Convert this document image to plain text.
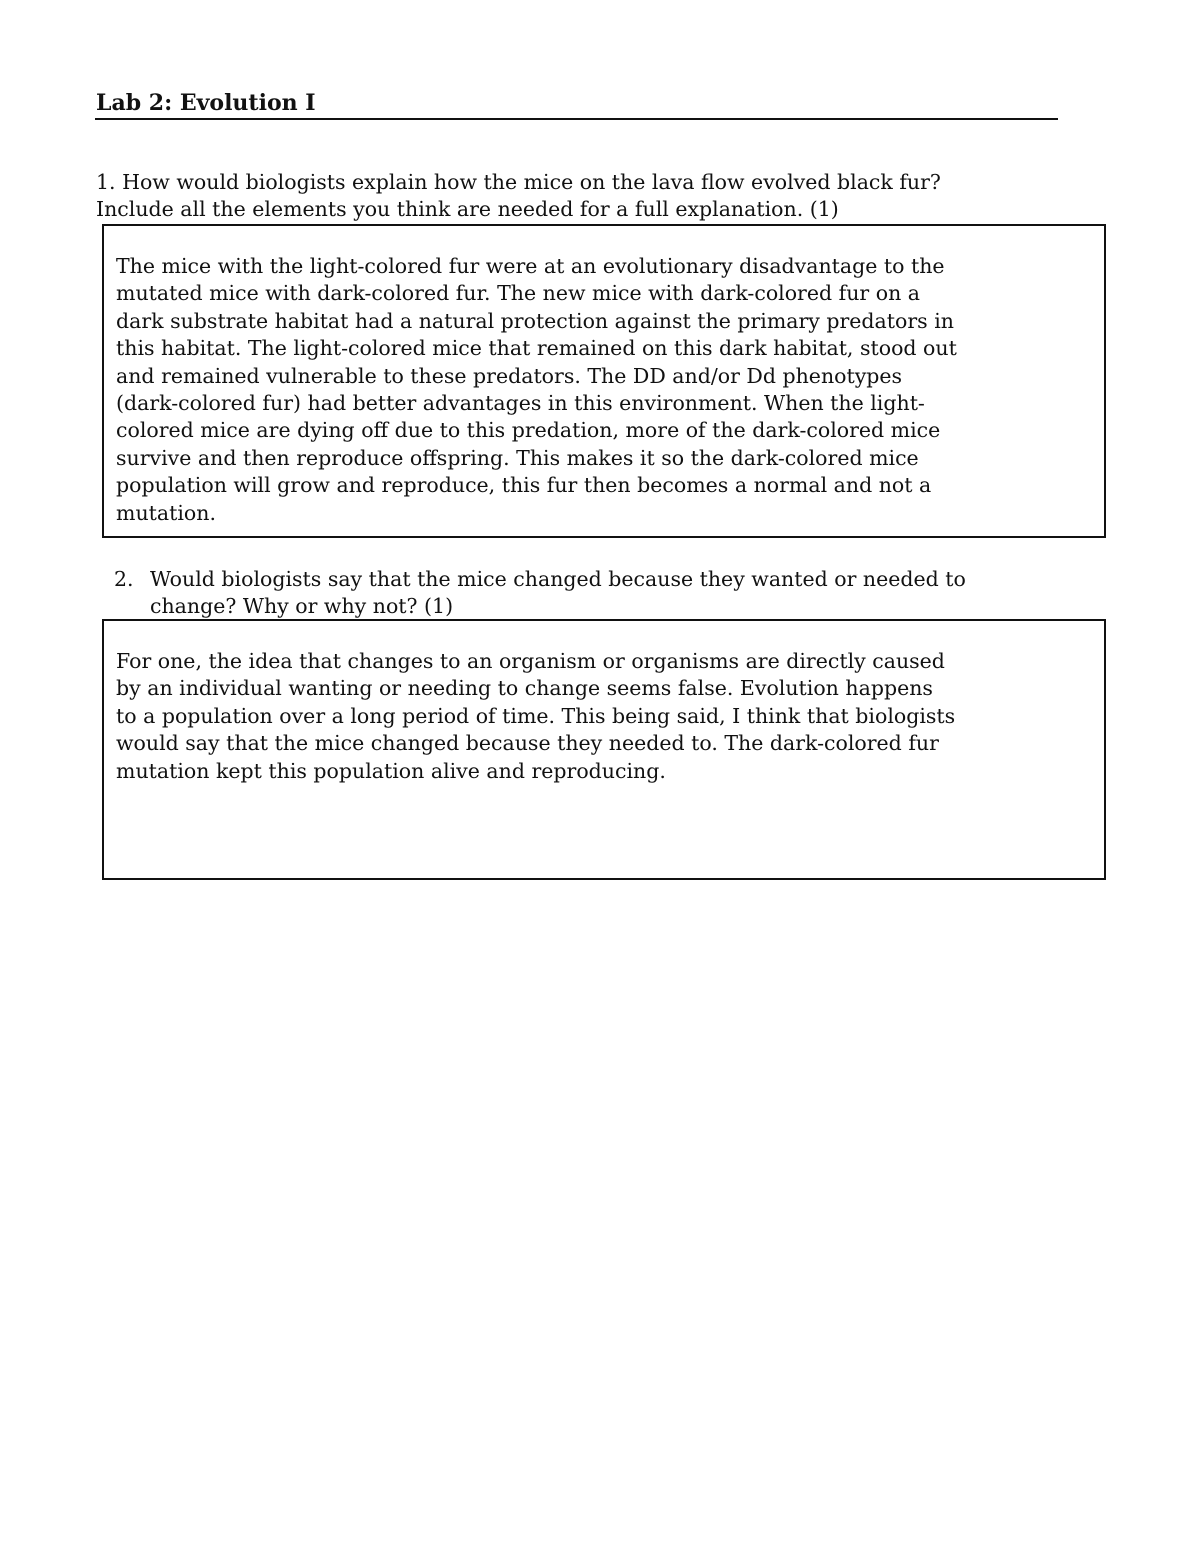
Lab 2: Evolution I
1. How would biologists explain how the mice on the lava flow evolved black fur?
Include all the elements you think are needed for a full explanation. (1)

The mice with the light-colored fur were at an evolutionary disadvantage to the
mutated mice with dark-colored fur. The new mice with dark-colored fur on a
dark substrate habitat had a natural protection against the primary predators in
this habitat. The light-colored mice that remained on this dark habitat, stood out
and remained vulnerable to these predators. The DD and/or Dd phenotypes
(dark-colored fur) had better advantages in this environment. When the light-
colored mice are dying off due to this predation, more of the dark-colored mice
survive and then reproduce offspring. This makes it so the dark-colored mice
population will grow and reproduce, this fur then becomes a normal and not a
mutation.

2. Would biologists say that the mice changed because they wanted or needed to
change? Why or why not? (1)

For one, the idea that changes to an organism or organisms are directly caused
by an individual wanting or needing to change seems false. Evolution happens
to a population over a long period of time. This being said, I think that biologists
would say that the mice changed because they needed to. The dark-colored fur
mutation kept this population alive and reproducing.
